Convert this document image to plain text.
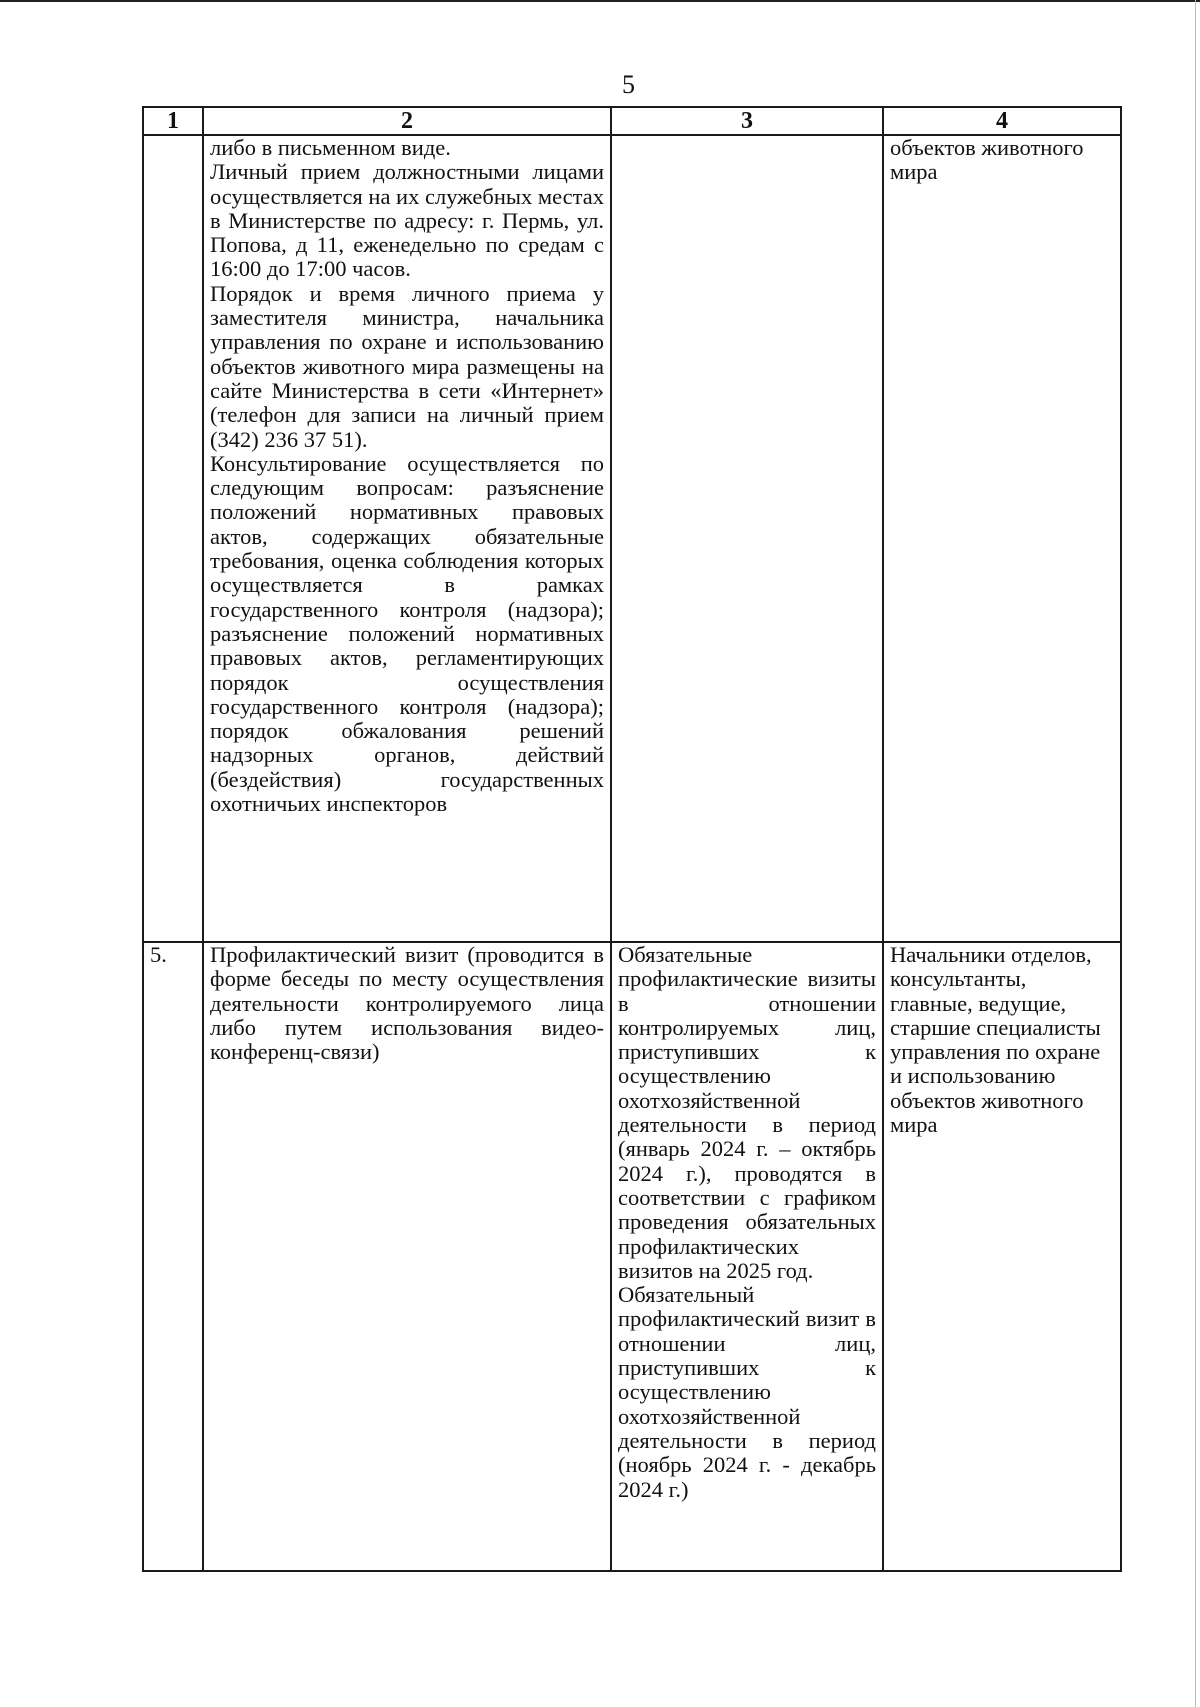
5
1	2	3	4

	либо в письменном виде.
Личный прием должностными лицами осуществляется на их служебных местах в Министерстве по адресу: г. Пермь, ул. Попова, д 11, еженедельно по средам с 16:00 до 17:00 часов.
Порядок и время личного приема у заместителя министра, начальника управления по охране и использованию объектов животного мира размещены на сайте Министерства в сети «Интернет» (телефон для записи на личный прием (342) 236 37 51).
Консультирование осуществляется по следующим вопросам: разъяснение положений нормативных правовых актов, содержащих обязательные требования, оценка соблюдения которых осуществляется в рамках государственного контроля (надзора); разъяснение положений нормативных правовых актов, регламентирующих порядок осуществления государственного контроля (надзора); порядок обжалования решений надзорных органов, действий (бездействия) государственных охотничьих инспекторов		объектов животного мира
5.	Профилактический визит (проводится в форме беседы по месту осуществления деятельности контролируемого лица либо путем использования видео-конференц-связи)	Обязательные профилактические визиты в отношении контролируемых лиц, приступивших к осуществлению охотхозяйственной деятельности в период (январь 2024 г. – октябрь 2024 г.), проводятся в соответствии с графиком проведения обязательных профилактических визитов на 2025 год.
Обязательный профилактический визит в отношении лиц, приступивших к осуществлению охотхозяйственной деятельности в период (ноябрь 2024 г. - декабрь 2024 г.)	Начальники отделов, консультанты, главные, ведущие, старшие специалисты управления по охране и использованию объектов животного мира
